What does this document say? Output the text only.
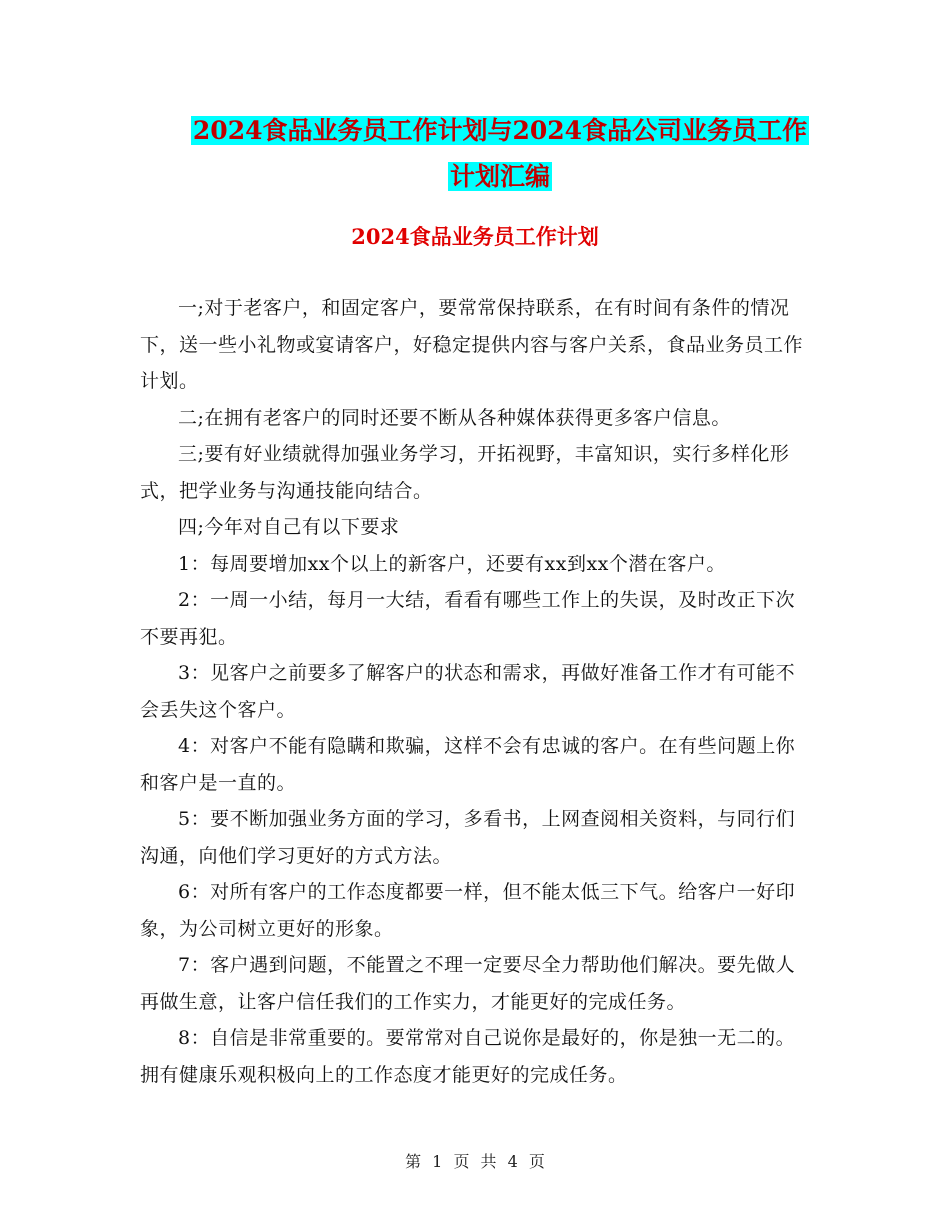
2024食品业务员工作计划与2024食品公司业务员工作
计划汇编
2024食品业务员工作计划

一;对于老客户，和固定客户，要常常保持联系，在有时间有条件的情况下，送一些小礼物或宴请客户，好稳定提供内容与客户关系，食品业务员工作计划。

二;在拥有老客户的同时还要不断从各种媒体获得更多客户信息。

三;要有好业绩就得加强业务学习，开拓视野，丰富知识，实行多样化形式，把学业务与沟通技能向结合。

四;今年对自己有以下要求

1：每周要增加xx个以上的新客户，还要有xx到xx个潜在客户。

2：一周一小结，每月一大结，看看有哪些工作上的失误，及时改正下次不要再犯。

3：见客户之前要多了解客户的状态和需求，再做好准备工作才有可能不会丢失这个客户。

4：对客户不能有隐瞒和欺骗，这样不会有忠诚的客户。在有些问题上你和客户是一直的。

5：要不断加强业务方面的学习，多看书，上网查阅相关资料，与同行们沟通，向他们学习更好的方式方法。

6：对所有客户的工作态度都要一样，但不能太低三下气。给客户一好印象，为公司树立更好的形象。

7：客户遇到问题，不能置之不理一定要尽全力帮助他们解决。要先做人再做生意，让客户信任我们的工作实力，才能更好的完成任务。

8：自信是非常重要的。要常常对自己说你是最好的，你是独一无二的。拥有健康乐观积极向上的工作态度才能更好的完成任务。

第 1 页 共 4 页
